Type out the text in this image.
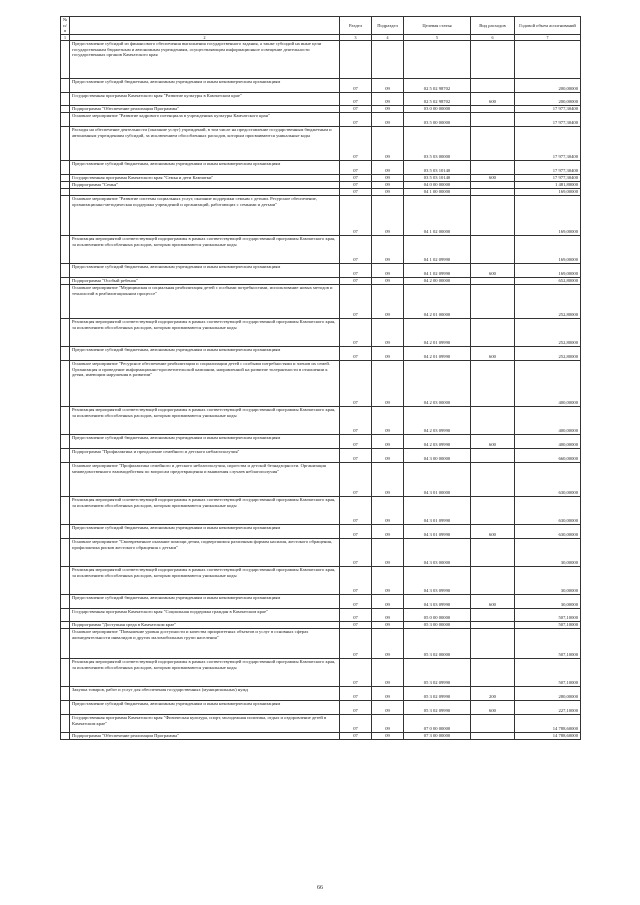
№ п/п		Раздел	Подраздел	Целевая статья	Вид расходов	Годовой объем ассигнований
1	2	3	4	5	6	7
	Предоставление субсидий из финансового обеспечения выполнения государственного задания, а также субсидий на иные цели государственным бюджетным и автономным учреждениям, осуществляющим информационное освещение деятельности государственных органов Камчатского края					
	Предоставление субсидий бюджетным, автономным учреждениям и иным некоммерческим организациям	07	09	02 5 02 98702		200,00000
	Государственная программа Камчатского края "Развитие культуры в Камчатском крае"	07	09	02 5 02 98702	600	200,00000
	Подпрограмма "Обеспечение реализации Программы"	07	09	03 0 00 00000		17 977,30400
	Основное мероприятие "Развитие кадрового потенциала в учреждениях культуры Камчатского края"	07	09	03 5 00 00000		17 977,30400
	Расходы на обеспечение деятельности (оказание услуг) учреждений, в том числе на предоставление государственным бюджетным и автономным учреждениям субсидий, за исключением обособленных расходов, которым присваиваются уникальные коды	07	09	03 5 03 00000		17 977,30400
	Предоставление субсидий бюджетным, автономным учреждениям и иным некоммерческим организациям	07	09	03 5 03 10140		17 977,30400
	Государственная программа Камчатского края "Семья и дети Камчатки"	07	09	03 5 03 10140	600	17 977,30400
	Подпрограмма "Семья"	07	09	04 0 00 00000		1 481,80000
		07	09	04 1 00 00000		169,00000
	Основное мероприятие "Развитие системы социальных услуг, оказание поддержки семьям с детьми. Ресурсное обеспечение, организационно-методическая поддержка учреждений и организаций, работающих с семьями и детьми"	07	09	04 1 02 00000		169,00000
	Реализация мероприятий соответствующей подпрограммы в рамках соответствующей государственной программы Камчатского края, за исключением обособленных расходов, которым присваиваются уникальные коды	07	09	04 1 02 09990		169,00000
	Предоставление субсидий бюджетным, автономным учреждениям и иным некоммерческим организациям	07	09	04 1 02 09990	600	169,00000
	Подпрограмма "Особый ребенок"	07	09	04 2 00 00000		652,80000
	Основное мероприятие "Медицинская и социальная реабилитация детей с особыми потребностями, использование новых методов и технологий в реабилитационном процессе"	07	09	04 2 01 00000		252,80000
	Реализация мероприятий соответствующей подпрограммы в рамках соответствующей государственной программы Камчатского края, за исключением обособленных расходов, которым присваиваются уникальные коды	07	09	04 2 01 09990		252,80000
	Предоставление субсидий бюджетным, автономным учреждениям и иным некоммерческим организациям	07	09	04 2 01 09990	600	252,80000
	Основное мероприятие "Ресурсное обеспечение реабилитации и социализации детей с особыми потребностями и членов их семей. Организация и проведение информационно-просветительской кампании, направленной на развитие толерантности в отношении к детям, имеющим нарушения в развитии"	07	09	04 2 03 00000		400,00000
	Реализация мероприятий соответствующей подпрограммы в рамках соответствующей государственной программы Камчатского края, за исключением обособленных расходов, которым присваиваются уникальные коды	07	09	04 2 03 09990		400,00000
	Предоставление субсидий бюджетным, автономным учреждениям и иным некоммерческим организациям	07	09	04 2 03 09990	600	400,00000
	Подпрограмма "Профилактика и преодоление семейного и детского неблагополучия"	07	09	04 3 00 00000		660,00000
	Основное мероприятие "Профилактика семейного и детского неблагополучия, сиротства и детской безнадзорности. Организация межведомственного взаимодействия по вопросам предотвращения и выявления случаев неблагополучия"	07	09	04 3 01 00000		630,00000
	Реализация мероприятий соответствующей подпрограммы в рамках соответствующей государственной программы Камчатского края, за исключением обособленных расходов, которым присваиваются уникальные коды	07	09	04 3 01 09990		630,00000
	Предоставление субсидий бюджетным, автономным учреждениям и иным некоммерческим организациям	07	09	04 3 01 09990	600	630,00000
	Основное мероприятие "Своевременное оказание помощи детям, подвергшимся различным формам насилия, жестокого обращения, профилактика рисков жестокого обращения с детьми"	07	09	04 3 03 00000		30,00000
	Реализация мероприятий соответствующей подпрограммы в рамках соответствующей государственной программы Камчатского края, за исключением обособленных расходов, которым присваиваются уникальные коды	07	09	04 3 03 09990		30,00000
	Предоставление субсидий бюджетным, автономным учреждениям и иным некоммерческим организациям	07	09	04 3 03 09990	600	30,00000
	Государственная программа Камчатского края "Социальная поддержка граждан в Камчатском крае"	07	09	05 0 00 00000		507,10000
	Подпрограмма "Доступная среда в Камчатском крае"	07	09	05 3 00 00000		507,10000
	Основное мероприятие "Повышение уровня доступности и качества приоритетных объектов и услуг в основных сферах жизнедеятельности инвалидов и других маломобильных групп населения"	07	09	05 3 02 00000		507,10000
	Реализация мероприятий соответствующей подпрограммы в рамках соответствующей государственной программы Камчатского края, за исключением обособленных расходов, которым присваиваются уникальные коды	07	09	05 3 02 09990		507,10000
	Закупка товаров, работ и услуг для обеспечения государственных (муниципальных) нужд	07	09	05 3 02 09990	200	280,00000
	Предоставление субсидий бюджетным, автономным учреждениям и иным некоммерческим организациям	07	09	05 3 02 09990	600	227,10000
	Государственная программа Камчатского края "Физическая культура, спорт, молодежная политика, отдых и оздоровление детей в Камчатском крае"	07	09	07 0 00 00000		14 788,60000
	Подпрограмма "Обеспечение реализации Программы"	07	09	07 3 00 00000		14 788,60000
66
